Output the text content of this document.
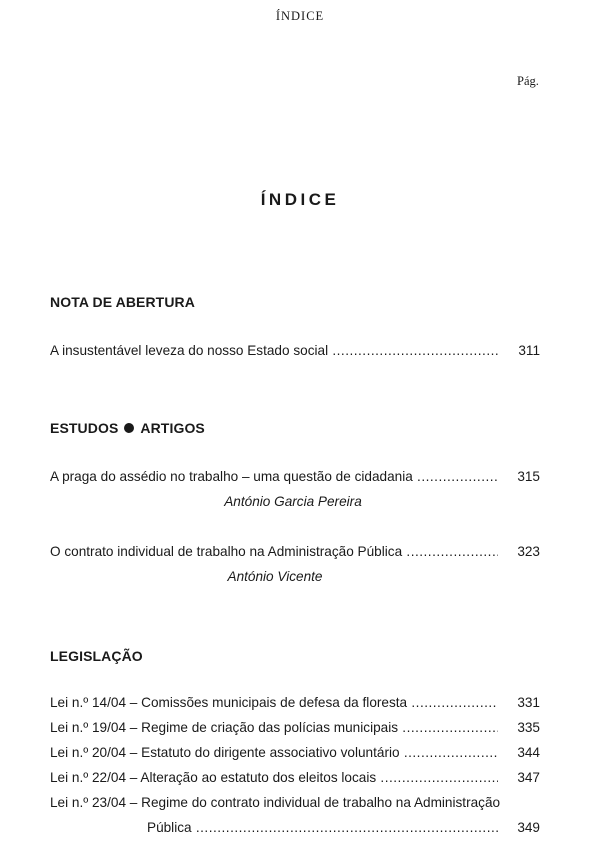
ÍNDICE
Pág.
ÍNDICE
NOTA DE ABERTURA
A insustentável leveza do nosso Estado social .....	311
ESTUDOS ARTIGOS
A praga do assédio no trabalho – uma questão de cidadania .....	315
António Garcia Pereira
O contrato individual de trabalho na Administração Pública .....	323
António Vicente
LEGISLAÇÃO
Lei n.º 14/04 – Comissões municipais de defesa da floresta .....	331
Lei n.º 19/04 – Regime de criação das polícias municipais .....	335
Lei n.º 20/04 – Estatuto do dirigente associativo voluntário .....	344
Lei n.º 22/04 – Alteração ao estatuto dos eleitos locais .....	347
Lei n.º 23/04 – Regime do contrato individual de trabalho na Administração
Pública .....	349
